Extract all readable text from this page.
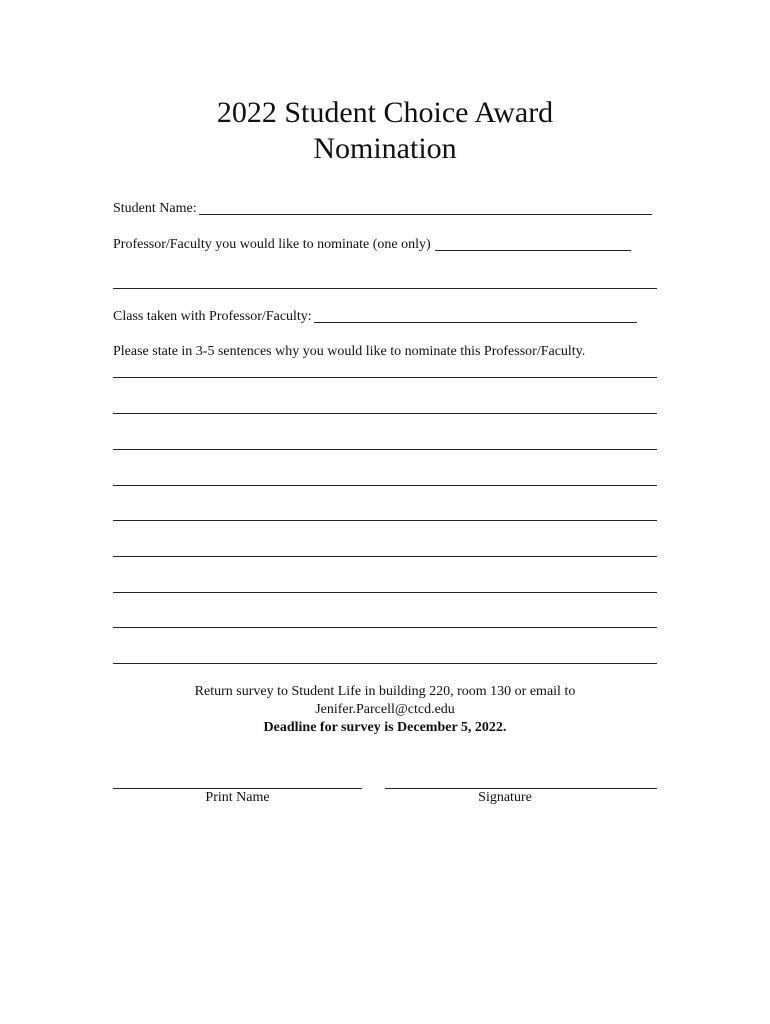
2022 Student Choice Award
Nomination
Student Name:
Professor/Faculty you would like to nominate (one only)
Class taken with Professor/Faculty:
Please state in 3-5 sentences why you would like to nominate this Professor/Faculty.
Return survey to Student Life in building 220, room 130 or email to
Jenifer.Parcell@ctcd.edu
Deadline for survey is December 5, 2022.
Print Name	Signature
